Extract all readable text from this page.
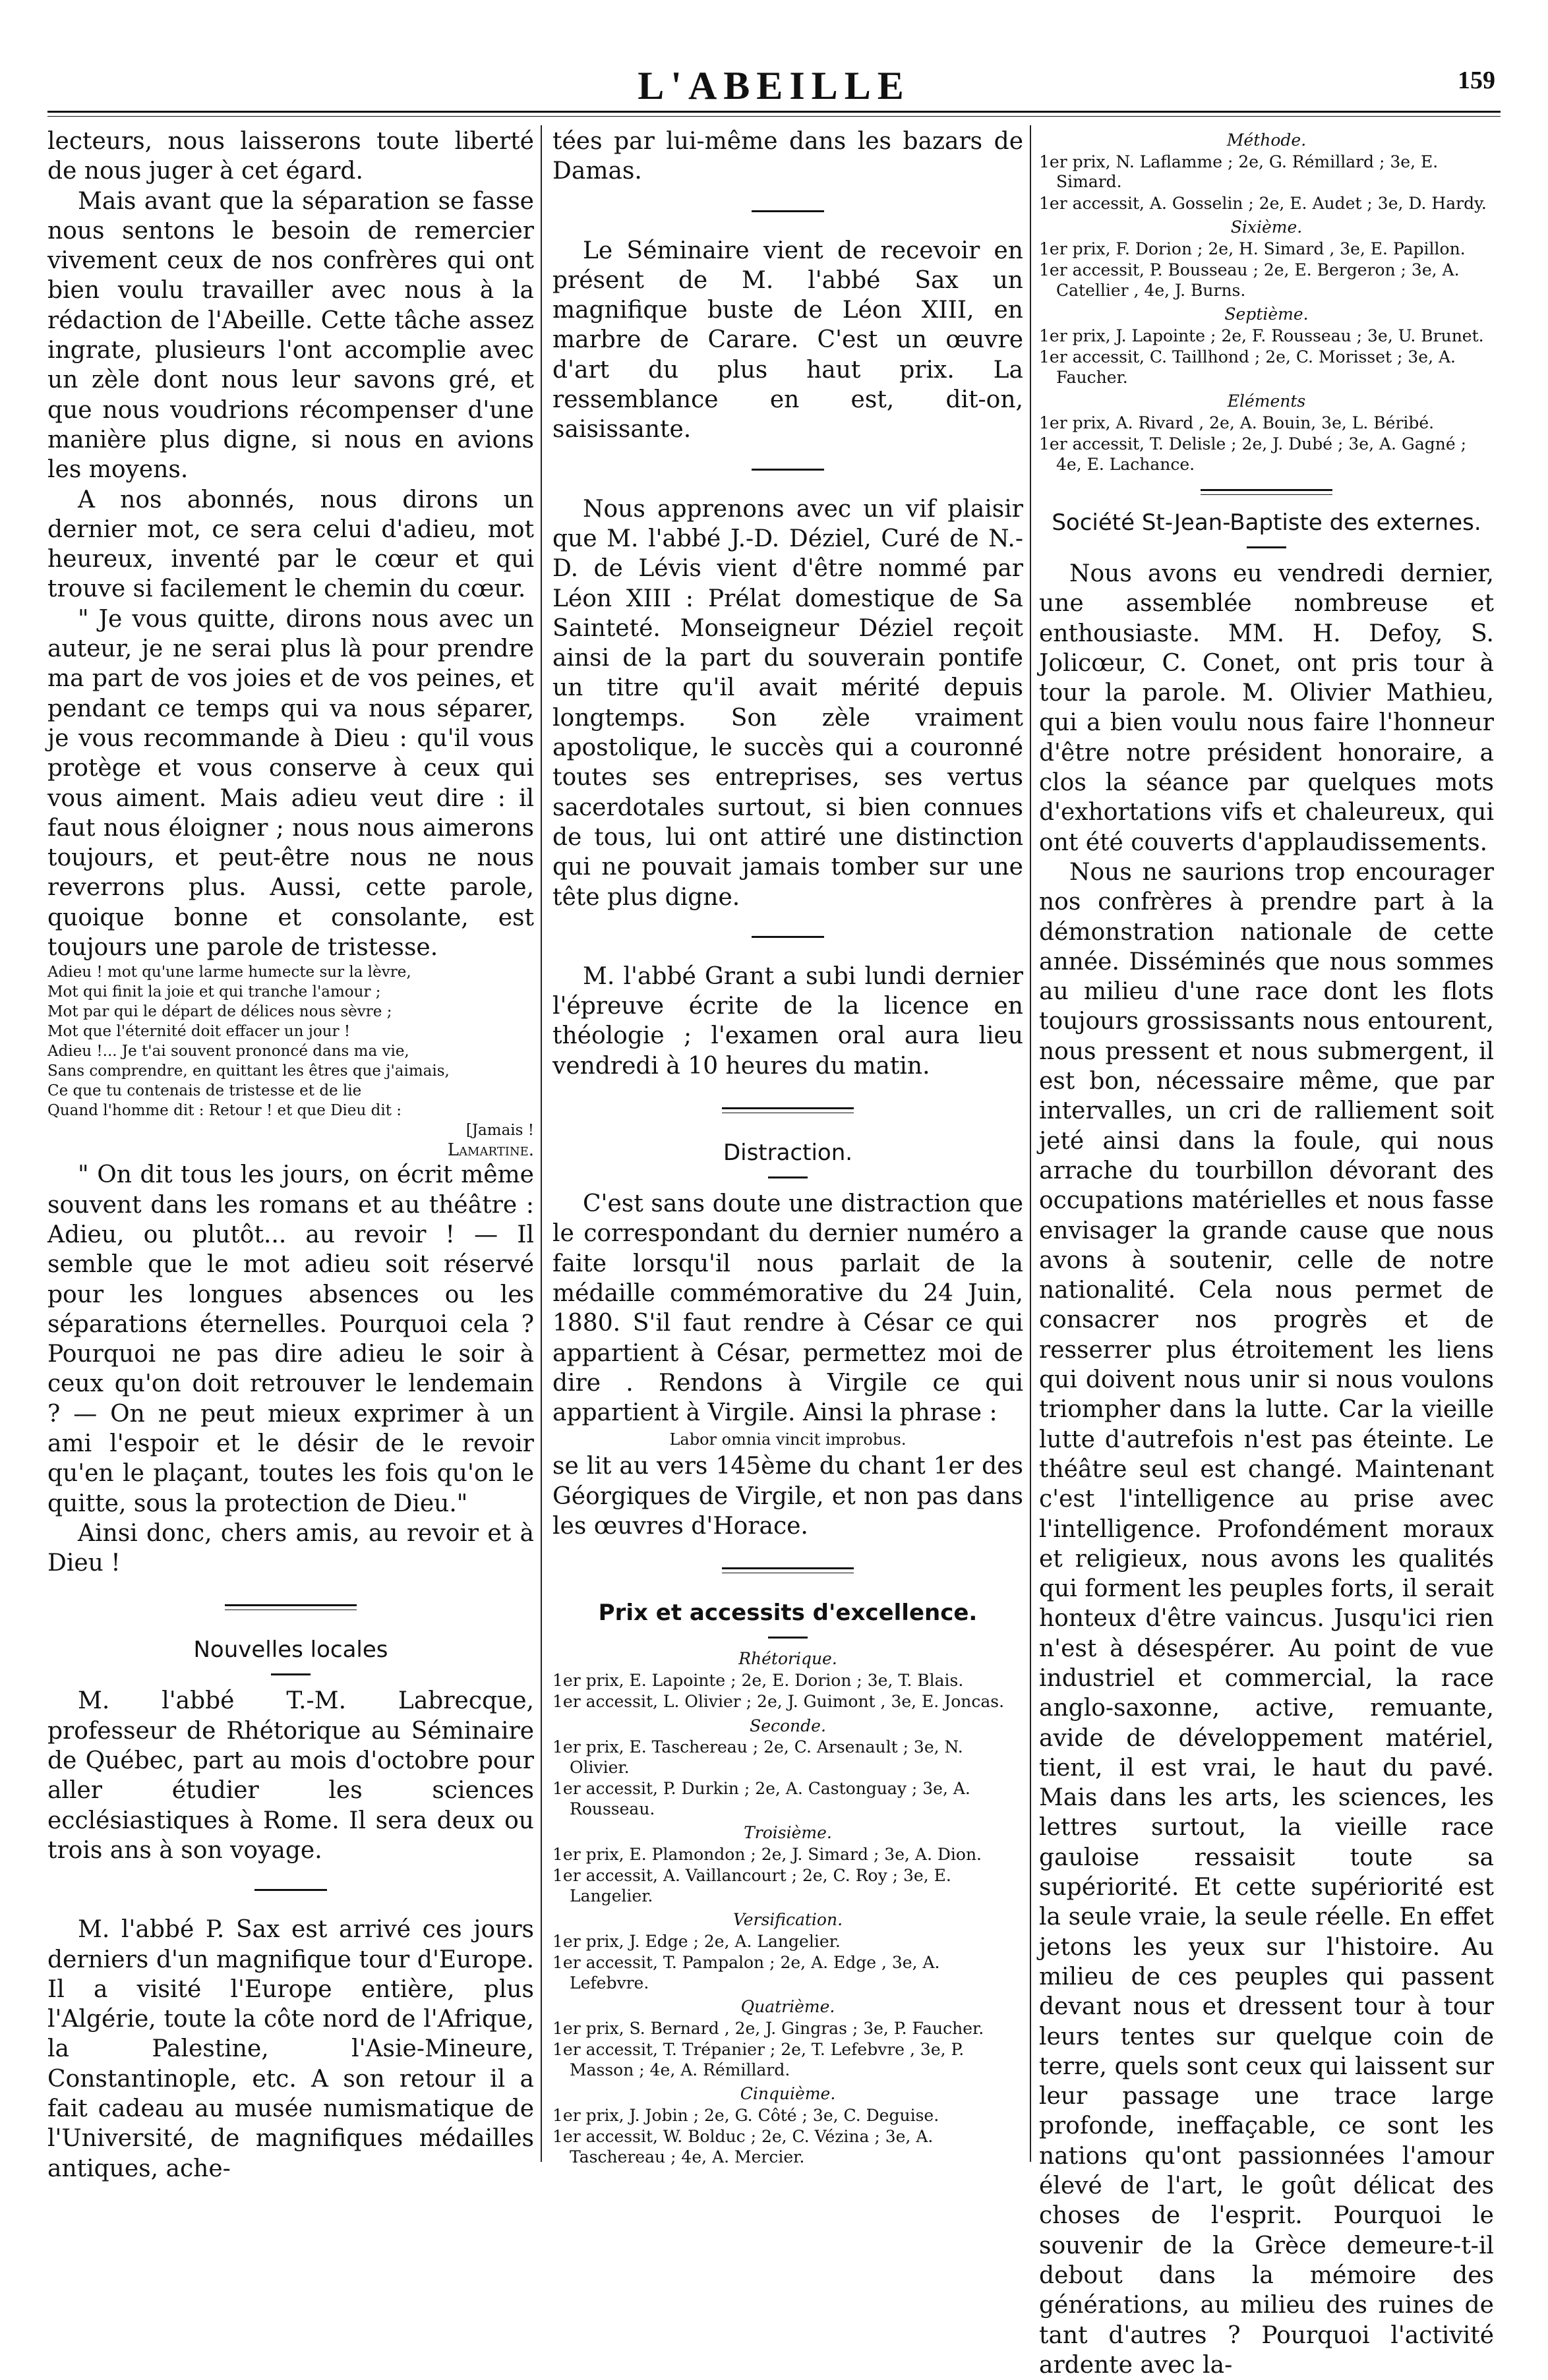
L'ABEILLE	159

lecteurs, nous laisserons toute liberté de nous juger à cet égard.

Mais avant que la séparation se fasse nous sentons le besoin de remercier vivement ceux de nos confrères qui ont bien voulu travailler avec nous à la rédaction de l'Abeille. Cette tâche assez ingrate, plusieurs l'ont accomplie avec un zèle dont nous leur savons gré, et que nous voudrions récompenser d'une manière plus digne, si nous en avions les moyens.

A nos abonnés, nous dirons un dernier mot, ce sera celui d'adieu, mot heureux, inventé par le cœur et qui trouve si facilement le chemin du cœur.

" Je vous quitte, dirons nous avec un auteur, je ne serai plus là pour prendre ma part de vos joies et de vos peines, et pendant ce temps qui va nous séparer, je vous recommande à Dieu : qu'il vous protège et vous conserve à ceux qui vous aiment. Mais adieu veut dire : il faut nous éloigner ; nous nous aimerons toujours, et peut-être nous ne nous reverrons plus. Aussi, cette parole, quoique bonne et consolante, est toujours une parole de tristesse.

Adieu ! mot qu'une larme humecte sur la lèvre,
Mot qui finit la joie et qui tranche l'amour ;
Mot par qui le départ de délices nous sèvre ;
Mot que l'éternité doit effacer un jour !
Adieu !... Je t'ai souvent prononcé dans ma vie,
Sans comprendre, en quittant les êtres que j'aimais,
Ce que tu contenais de tristesse et de lie
Quand l'homme dit : Retour ! et que Dieu dit :
[Jamais !
Lamartine.

" On dit tous les jours, on écrit même souvent dans les romans et au théâtre : Adieu, ou plutôt... au revoir ! — Il semble que le mot adieu soit réservé pour les longues absences ou les séparations éternelles. Pourquoi cela ? Pourquoi ne pas dire adieu le soir à ceux qu'on doit retrouver le lendemain ? — On ne peut mieux exprimer à un ami l'espoir et le désir de le revoir qu'en le plaçant, toutes les fois qu'on le quitte, sous la protection de Dieu."

Ainsi donc, chers amis, au revoir et à Dieu !

Nouvelles locales

M. l'abbé T.-M. Labrecque, professeur de Rhétorique au Séminaire de Québec, part au mois d'octobre pour aller étudier les sciences ecclésiastiques à Rome. Il sera deux ou trois ans à son voyage.

M. l'abbé P. Sax est arrivé ces jours derniers d'un magnifique tour d'Europe. Il a visité l'Europe entière, plus l'Algérie, toute la côte nord de l'Afrique, la Palestine, l'Asie-Mineure, Constantinople, etc. A son retour il a fait cadeau au musée numismatique de l'Université, de magnifiques médailles antiques, ache-

tées par lui-même dans les bazars de Damas.

Le Séminaire vient de recevoir en présent de M. l'abbé Sax un magnifique buste de Léon XIII, en marbre de Carare. C'est un œuvre d'art du plus haut prix. La ressemblance en est, dit-on, saisissante.

Nous apprenons avec un vif plaisir que M. l'abbé J.-D. Déziel, Curé de N.-D. de Lévis vient d'être nommé par Léon XIII : Prélat domestique de Sa Sainteté. Monseigneur Déziel reçoit ainsi de la part du souverain pontife un titre qu'il avait mérité depuis longtemps. Son zèle vraiment apostolique, le succès qui a couronné toutes ses entreprises, ses vertus sacerdotales surtout, si bien connues de tous, lui ont attiré une distinction qui ne pouvait jamais tomber sur une tête plus digne.

M. l'abbé Grant a subi lundi dernier l'épreuve écrite de la licence en théologie ; l'examen oral aura lieu vendredi à 10 heures du matin.

Distraction.

C'est sans doute une distraction que le correspondant du dernier numéro a faite lorsqu'il nous parlait de la médaille commémorative du 24 Juin, 1880. S'il faut rendre à César ce qui appartient à César, permettez moi de dire . Rendons à Virgile ce qui appartient à Virgile. Ainsi la phrase :

Labor omnia vincit improbus.

se lit au vers 145ème du chant 1er des Géorgiques de Virgile, et non pas dans les œuvres d'Horace.

Prix et accessits d'excellence.
Rhétorique.
1er prix, E. Lapointe ; 2e, E. Dorion ; 3e, T. Blais.
1er accessit, L. Olivier ; 2e, J. Guimont , 3e, E. Joncas.
Seconde.
1er prix, E. Taschereau ; 2e, C. Arsenault ; 3e, N. Olivier.
1er accessit, P. Durkin ; 2e, A. Castonguay ; 3e, A. Rousseau.
Troisième.
1er prix, E. Plamondon ; 2e, J. Simard ; 3e, A. Dion.
1er accessit, A. Vaillancourt ; 2e, C. Roy ; 3e, E. Langelier.
Versification.
1er prix, J. Edge ; 2e, A. Langelier.
1er accessit, T. Pampalon ; 2e, A. Edge , 3e, A. Lefebvre.
Quatrième.
1er prix, S. Bernard , 2e, J. Gingras ; 3e, P. Faucher.
1er accessit, T. Trépanier ; 2e, T. Lefebvre , 3e, P. Masson ; 4e, A. Rémillard.
Cinquième.
1er prix, J. Jobin ; 2e, G. Côté ; 3e, C. Deguise.
1er accessit, W. Bolduc ; 2e, C. Vézina ; 3e, A. Taschereau ; 4e, A. Mercier.
Méthode.
1er prix, N. Laflamme ; 2e, G. Rémillard ; 3e, E. Simard.
1er accessit, A. Gosselin ; 2e, E. Audet ; 3e, D. Hardy.
Sixième.
1er prix, F. Dorion ; 2e, H. Simard , 3e, E. Papillon.
1er accessit, P. Bousseau ; 2e, E. Bergeron ; 3e, A. Catellier , 4e, J. Burns.
Septième.
1er prix, J. Lapointe ; 2e, F. Rousseau ; 3e, U. Brunet.
1er accessit, C. Taillhond ; 2e, C. Morisset ; 3e, A. Faucher.
Eléments
1er prix, A. Rivard , 2e, A. Bouin, 3e, L. Béribé.
1er accessit, T. Delisle ; 2e, J. Dubé ; 3e, A. Gagné ; 4e, E. Lachance.
Société St-Jean-Baptiste des externes.

Nous avons eu vendredi dernier, une assemblée nombreuse et enthousiaste. MM. H. Defoy, S. Jolicœur, C. Conet, ont pris tour à tour la parole. M. Olivier Mathieu, qui a bien voulu nous faire l'honneur d'être notre président honoraire, a clos la séance par quelques mots d'exhortations vifs et chaleureux, qui ont été couverts d'applaudissements.

Nous ne saurions trop encourager nos confrères à prendre part à la démonstration nationale de cette année. Disséminés que nous sommes au milieu d'une race dont les flots toujours grossissants nous entourent, nous pressent et nous submergent, il est bon, nécessaire même, que par intervalles, un cri de ralliement soit jeté ainsi dans la foule, qui nous arrache du tourbillon dévorant des occupations matérielles et nous fasse envisager la grande cause que nous avons à soutenir, celle de notre nationalité. Cela nous permet de consacrer nos progrès et de resserrer plus étroitement les liens qui doivent nous unir si nous voulons triompher dans la lutte. Car la vieille lutte d'autrefois n'est pas éteinte. Le théâtre seul est changé. Maintenant c'est l'intelligence au prise avec l'intelligence. Profondément moraux et religieux, nous avons les qualités qui forment les peuples forts, il serait honteux d'être vaincus. Jusqu'ici rien n'est à désespérer. Au point de vue industriel et commercial, la race anglo-saxonne, active, remuante, avide de développement matériel, tient, il est vrai, le haut du pavé. Mais dans les arts, les sciences, les lettres surtout, la vieille race gauloise ressaisit toute sa supériorité. Et cette supériorité est la seule vraie, la seule réelle. En effet jetons les yeux sur l'histoire. Au milieu de ces peuples qui passent devant nous et dressent tour à tour leurs tentes sur quelque coin de terre, quels sont ceux qui laissent sur leur passage une trace large profonde, ineffaçable, ce sont les nations qu'ont passionnées l'amour élevé de l'art, le goût délicat des choses de l'esprit. Pourquoi le souvenir de la Grèce demeure-t-il debout dans la mémoire des générations, au milieu des ruines de tant d'autres ? Pourquoi l'activité ardente avec la-
